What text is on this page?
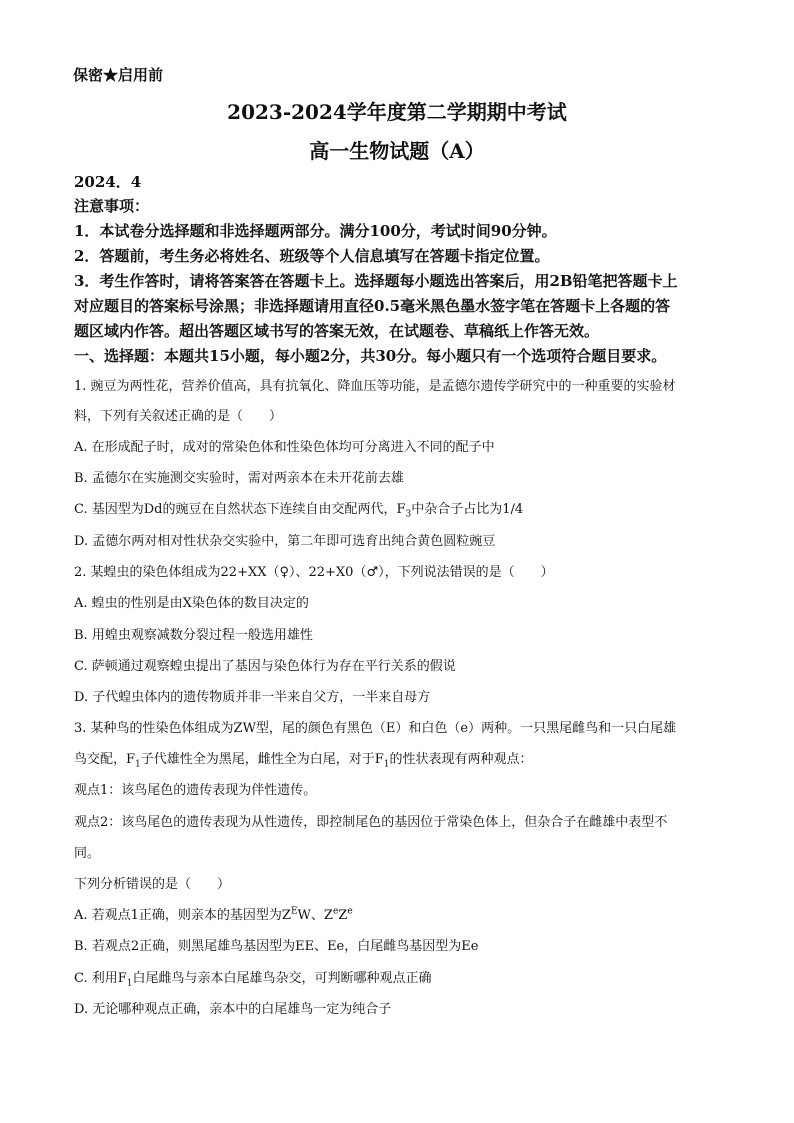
保密★启用前
2023-2024学年度第二学期期中考试
高一生物试题（A）
2024．4
注意事项：
1．本试卷分选择题和非选择题两部分。满分100分，考试时间90分钟。
2．答题前，考生务必将姓名、班级等个人信息填写在答题卡指定位置。
3．考生作答时，请将答案答在答题卡上。选择题每小题选出答案后，用2B铅笔把答题卡上
对应题目的答案标号涂黑；非选择题请用直径0.5毫米黑色墨水签字笔在答题卡上各题的答
题区域内作答。超出答题区域书写的答案无效，在试题卷、草稿纸上作答无效。
一、选择题：本题共15小题，每小题2分，共30分。每小题只有一个选项符合题目要求。
1. 豌豆为两性花，营养价值高，具有抗氧化、降血压等功能，是孟德尔遗传学研究中的一种重要的实验材
料，下列有关叙述正确的是（　　）
A. 在形成配子时，成对的常染色体和性染色体均可分离进入不同的配子中
B. 孟德尔在实施测交实验时，需对两亲本在未开花前去雄
C. 基因型为Dd的豌豆在自然状态下连续自由交配两代，$F_3$中杂合子占比为1/4
D. 孟德尔两对相对性状杂交实验中，第二年即可选育出纯合黄色圆粒豌豆
2. 某蝗虫的染色体组成为22+XX（♀）、22+X0（♂），下列说法错误的是（　　）
A. 蝗虫的性别是由X染色体的数目决定的
B. 用蝗虫观察减数分裂过程一般选用雄性
C. 萨顿通过观察蝗虫提出了基因与染色体行为存在平行关系的假说
D. 子代蝗虫体内的遗传物质并非一半来自父方，一半来自母方
3. 某种鸟的性染色体组成为ZW型，尾的颜色有黑色（E）和白色（e）两种。一只黑尾雌鸟和一只白尾雄
鸟交配，$F_1$子代雄性全为黑尾，雌性全为白尾，对于$F_1$的性状表现有两种观点：
观点1：该鸟尾色的遗传表现为伴性遗传。
观点2：该鸟尾色的遗传表现为从性遗传，即控制尾色的基因位于常染色体上，但杂合子在雌雄中表型不
同。
下列分析错误的是（　　）
A. 若观点1正确，则亲本的基因型为$Z^EW$、$Z^eZ^e$
B. 若观点2正确，则黑尾雄鸟基因型为EE、Ee，白尾雌鸟基因型为Ee
C. 利用$F_1$白尾雌鸟与亲本白尾雄鸟杂交，可判断哪种观点正确
D. 无论哪种观点正确，亲本中的白尾雄鸟一定为纯合子
